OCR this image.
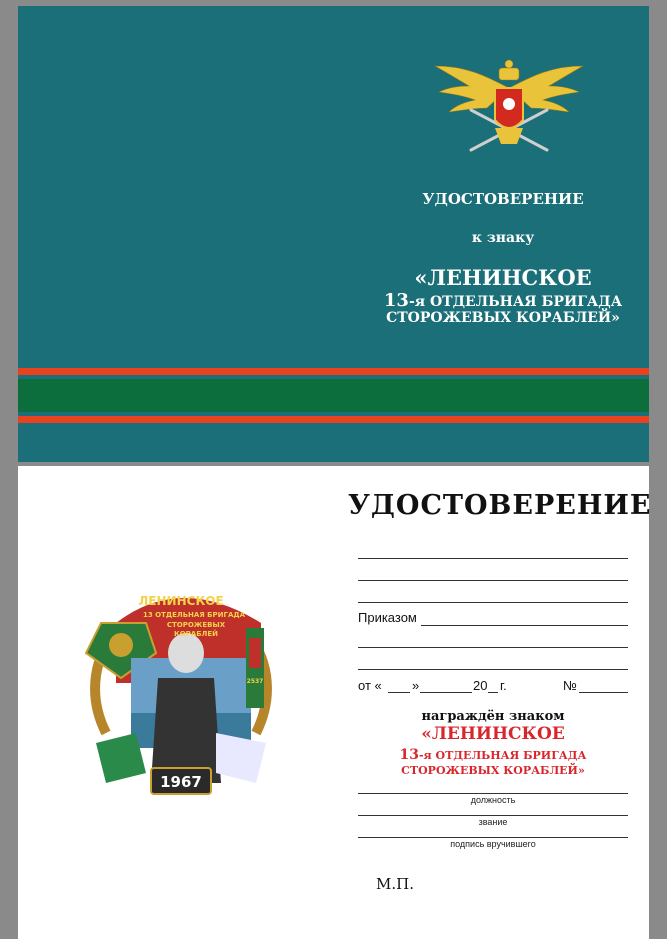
УДОСТОВЕРЕНИЕ
к знаку
«ЛЕНИНСКОЕ
13-я ОТДЕЛЬНАЯ БРИГАДА
СТОРОЖЕВЫХ КОРАБЛЕЙ»
УДОСТОВЕРЕНИЕ
1967
ЛЕНИНСКОЕ
13 ОТДЕЛЬНАЯ БРИГАДА
СТОРОЖЕВЫХ
КОРАБЛЕЙ
2537
Приказом
от « »	20 г.	№
награждён знаком
«ЛЕНИНСКОЕ
13-я ОТДЕЛЬНАЯ БРИГАДА
СТОРОЖЕВЫХ КОРАБЛЕЙ»
должность
звание
подпись вручившего
М.П.
